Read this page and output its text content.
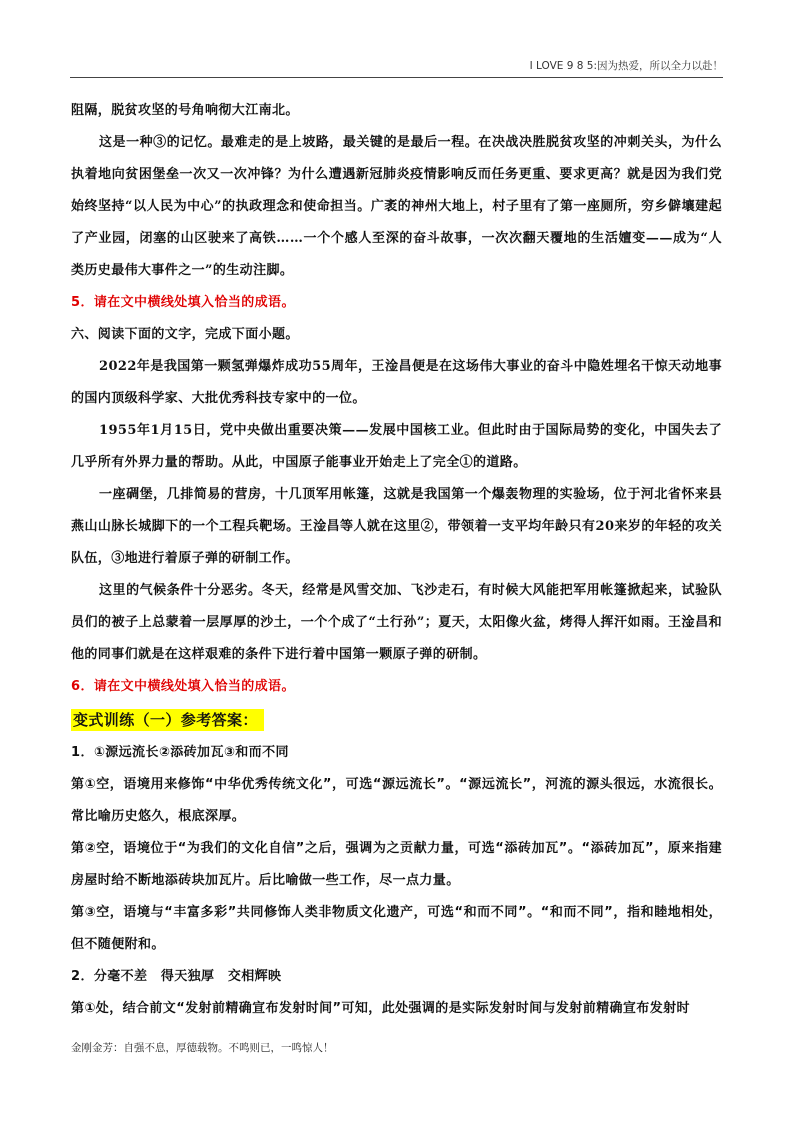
I LOVE 9 8 5:因为热爱，所以全力以赴！

阻隔，脱贫攻坚的号角响彻大江南北。

这是一种③的记忆。最难走的是上坡路，最关键的是最后一程。在决战决胜脱贫攻坚的冲刺关头，为什么执着地向贫困堡垒一次又一次冲锋？为什么遭遇新冠肺炎疫情影响反而任务更重、要求更高？就是因为我们党始终坚持“以人民为中心”的执政理念和使命担当。广袤的神州大地上，村子里有了第一座厕所，穷乡僻壤建起了产业园，闭塞的山区驶来了高铁……一个个感人至深的奋斗故事，一次次翻天覆地的生活嬗变——成为“人类历史最伟大事件之一”的生动注脚。

5．请在文中横线处填入恰当的成语。

六、阅读下面的文字，完成下面小题。

2022年是我国第一颗氢弹爆炸成功55周年，王淦昌便是在这场伟大事业的奋斗中隐姓埋名干惊天动地事的国内顶级科学家、大批优秀科技专家中的一位。

1955年1月15日，党中央做出重要决策——发展中国核工业。但此时由于国际局势的变化，中国失去了几乎所有外界力量的帮助。从此，中国原子能事业开始走上了完全①的道路。

一座碉堡，几排简易的营房，十几顶军用帐篷，这就是我国第一个爆轰物理的实验场，位于河北省怀来县燕山山脉长城脚下的一个工程兵靶场。王淦昌等人就在这里②，带领着一支平均年龄只有20来岁的年轻的攻关队伍，③地进行着原子弹的研制工作。

这里的气候条件十分恶劣。冬天，经常是风雪交加、飞沙走石，有时候大风能把军用帐篷掀起来，试验队员们的被子上总蒙着一层厚厚的沙土，一个个成了“土行孙”；夏天，太阳像火盆，烤得人挥汗如雨。王淦昌和他的同事们就是在这样艰难的条件下进行着中国第一颗原子弹的研制。

6．请在文中横线处填入恰当的成语。

变式训练（一）参考答案：

1．①源远流长②添砖加瓦③和而不同

第①空，语境用来修饰“中华优秀传统文化”，可选“源远流长”。“源远流长”，河流的源头很远，水流很长。常比喻历史悠久，根底深厚。

第②空，语境位于“为我们的文化自信”之后，强调为之贡献力量，可选“添砖加瓦”。“添砖加瓦”，原来指建房屋时给不断地添砖块加瓦片。后比喻做一些工作，尽一点力量。

第③空，语境与“丰富多彩”共同修饰人类非物质文化遗产，可选“和而不同”。“和而不同”，指和睦地相处，但不随便附和。

2．分毫不差　得天独厚　交相辉映

第①处，结合前文“发射前精确宣布发射时间”可知，此处强调的是实际发射时间与发射前精确宣布发射时

金刚金芳：自强不息，厚德载物。不鸣则已，一鸣惊人！
